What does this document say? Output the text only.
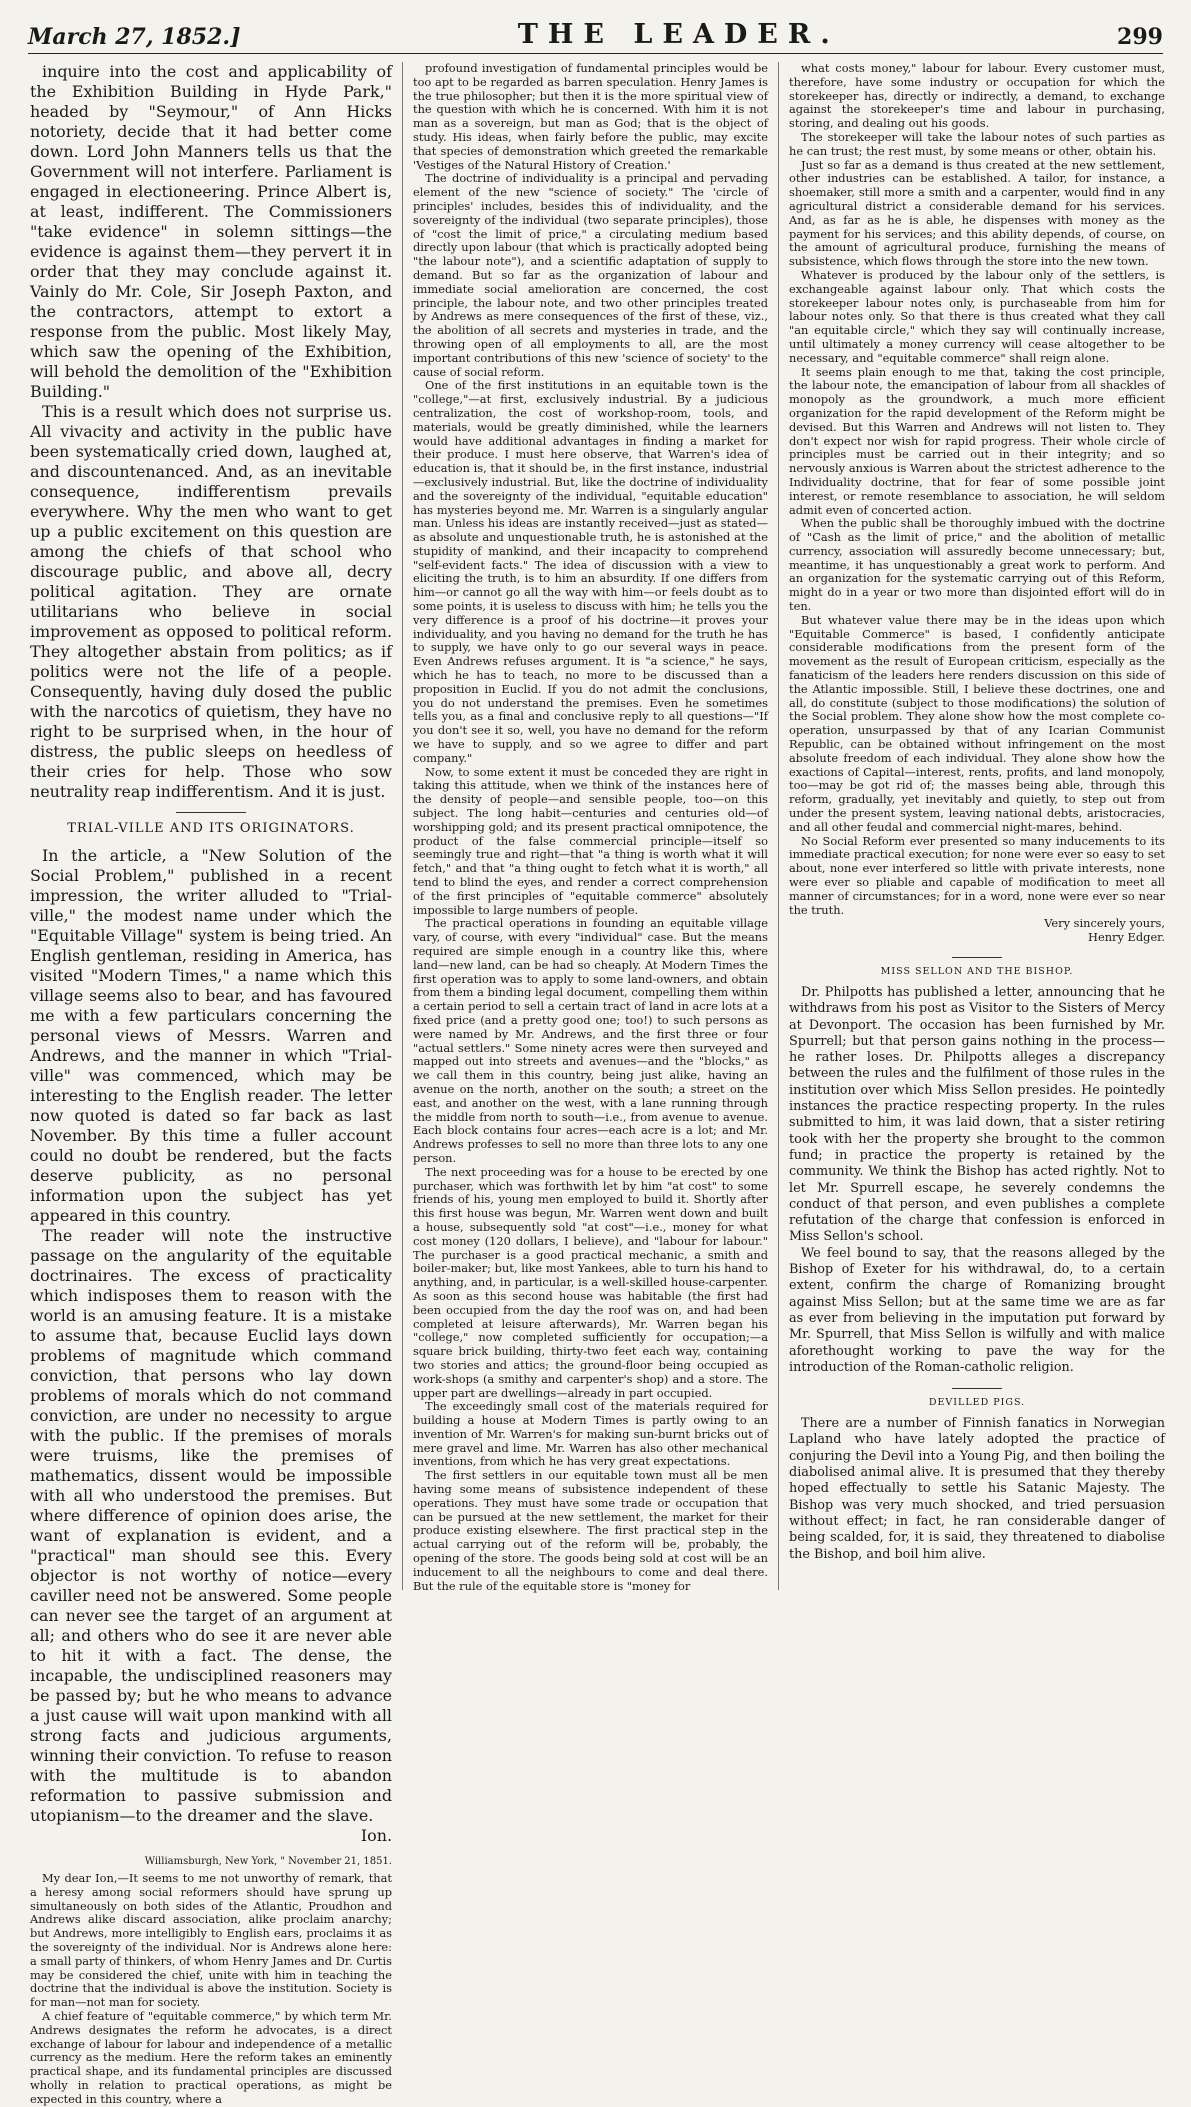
March 27, 1852.]	THE LEADER.	299

inquire into the cost and applicability of the Exhibition Building in Hyde Park," headed by "Seymour," of Ann Hicks notoriety, decide that it had better come down. Lord John Manners tells us that the Government will not interfere. Parliament is engaged in electioneering. Prince Albert is, at least, indifferent. The Commissioners "take evidence" in solemn sittings—the evidence is against them—they pervert it in order that they may conclude against it. Vainly do Mr. Cole, Sir Joseph Paxton, and the contractors, attempt to extort a response from the public. Most likely May, which saw the opening of the Exhibition, will behold the demolition of the "Exhibition Building."

This is a result which does not surprise us. All vivacity and activity in the public have been systematically cried down, laughed at, and discountenanced. And, as an inevitable consequence, indifferentism prevails everywhere. Why the men who want to get up a public excitement on this question are among the chiefs of that school who discourage public, and above all, decry political agitation. They are ornate utilitarians who believe in social improvement as opposed to political reform. They altogether abstain from politics; as if politics were not the life of a people. Consequently, having duly dosed the public with the narcotics of quietism, they have no right to be surprised when, in the hour of distress, the public sleeps on heedless of their cries for help. Those who sow neutrality reap indifferentism. And it is just.

TRIAL-VILLE AND ITS ORIGINATORS.

In the article, a "New Solution of the Social Problem," published in a recent impression, the writer alluded to "Trial-ville," the modest name under which the "Equitable Village" system is being tried. An English gentleman, residing in America, has visited "Modern Times," a name which this village seems also to bear, and has favoured me with a few particulars concerning the personal views of Messrs. Warren and Andrews, and the manner in which "Trial-ville" was commenced, which may be interesting to the English reader. The letter now quoted is dated so far back as last November. By this time a fuller account could no doubt be rendered, but the facts deserve publicity, as no personal information upon the subject has yet appeared in this country.

The reader will note the instructive passage on the angularity of the equitable doctrinaires. The excess of practicality which indisposes them to reason with the world is an amusing feature. It is a mistake to assume that, because Euclid lays down problems of magnitude which command conviction, that persons who lay down problems of morals which do not command conviction, are under no necessity to argue with the public. If the premises of morals were truisms, like the premises of mathematics, dissent would be impossible with all who understood the premises. But where difference of opinion does arise, the want of explanation is evident, and a "practical" man should see this. Every objector is not worthy of notice—every caviller need not be answered. Some people can never see the target of an argument at all; and others who do see it are never able to hit it with a fact. The dense, the incapable, the undisciplined reasoners may be passed by; but he who means to advance a just cause will wait upon mankind with all strong facts and judicious arguments, winning their conviction. To refuse to reason with the multitude is to abandon reformation to passive submission and utopianism—to the dreamer and the slave.

Ion.
Williamsburgh, New York, " November 21, 1851.

My dear Ion,—It seems to me not unworthy of remark, that a heresy among social reformers should have sprung up simultaneously on both sides of the Atlantic, Proudhon and Andrews alike discard association, alike proclaim anarchy; but Andrews, more intelligibly to English ears, proclaims it as the sovereignty of the individual. Nor is Andrews alone here: a small party of thinkers, of whom Henry James and Dr. Curtis may be considered the chief, unite with him in teaching the doctrine that the individual is above the institution. Society is for man—not man for society.

A chief feature of "equitable commerce," by which term Mr. Andrews designates the reform he advocates, is a direct exchange of labour for labour and independence of a metallic currency as the medium. Here the reform takes an eminently practical shape, and its fundamental principles are discussed wholly in relation to practical operations, as might be expected in this country, where a

profound investigation of fundamental principles would be too apt to be regarded as barren speculation. Henry James is the true philosopher; but then it is the more spiritual view of the question with which he is concerned. With him it is not man as a sovereign, but man as God; that is the object of study. His ideas, when fairly before the public, may excite that species of demonstration which greeted the remarkable 'Vestiges of the Natural History of Creation.'

The doctrine of individuality is a principal and pervading element of the new "science of society." The 'circle of principles' includes, besides this of individuality, and the sovereignty of the individual (two separate principles), those of "cost the limit of price," a circulating medium based directly upon labour (that which is practically adopted being "the labour note"), and a scientific adaptation of supply to demand. But so far as the organization of labour and immediate social amelioration are concerned, the cost principle, the labour note, and two other principles treated by Andrews as mere consequences of the first of these, viz., the abolition of all secrets and mysteries in trade, and the throwing open of all employments to all, are the most important contributions of this new 'science of society' to the cause of social reform.

One of the first institutions in an equitable town is the "college,"—at first, exclusively industrial. By a judicious centralization, the cost of workshop-room, tools, and materials, would be greatly diminished, while the learners would have additional advantages in finding a market for their produce. I must here observe, that Warren's idea of education is, that it should be, in the first instance, industrial—exclusively industrial. But, like the doctrine of individuality and the sovereignty of the individual, "equitable education" has mysteries beyond me. Mr. Warren is a singularly angular man. Unless his ideas are instantly received—just as stated—as absolute and unquestionable truth, he is astonished at the stupidity of mankind, and their incapacity to comprehend "self-evident facts." The idea of discussion with a view to eliciting the truth, is to him an absurdity. If one differs from him—or cannot go all the way with him—or feels doubt as to some points, it is useless to discuss with him; he tells you the very difference is a proof of his doctrine—it proves your individuality, and you having no demand for the truth he has to supply, we have only to go our several ways in peace. Even Andrews refuses argument. It is "a science," he says, which he has to teach, no more to be discussed than a proposition in Euclid. If you do not admit the conclusions, you do not understand the premises. Even he sometimes tells you, as a final and conclusive reply to all questions—"If you don't see it so, well, you have no demand for the reform we have to supply, and so we agree to differ and part company."

Now, to some extent it must be conceded they are right in taking this attitude, when we think of the instances here of the density of people—and sensible people, too—on this subject. The long habit—centuries and centuries old—of worshipping gold; and its present practical omnipotence, the product of the false commercial principle—itself so seemingly true and right—that "a thing is worth what it will fetch," and that "a thing ought to fetch what it is worth," all tend to blind the eyes, and render a correct comprehension of the first principles of "equitable commerce" absolutely impossible to large numbers of people.

The practical operations in founding an equitable village vary, of course, with every "individual" case. But the means required are simple enough in a country like this, where land—new land, can be had so cheaply. At Modern Times the first operation was to apply to some land-owners, and obtain from them a binding legal document, compelling them within a certain period to sell a certain tract of land in acre lots at a fixed price (and a pretty good one; too!) to such persons as were named by Mr. Andrews, and the first three or four "actual settlers." Some ninety acres were then surveyed and mapped out into streets and avenues—and the "blocks," as we call them in this country, being just alike, having an avenue on the north, another on the south; a street on the east, and another on the west, with a lane running through the middle from north to south—i.e., from avenue to avenue. Each block contains four acres—each acre is a lot; and Mr. Andrews professes to sell no more than three lots to any one person.

The next proceeding was for a house to be erected by one purchaser, which was forthwith let by him "at cost" to some friends of his, young men employed to build it. Shortly after this first house was begun, Mr. Warren went down and built a house, subsequently sold "at cost"—i.e., money for what cost money (120 dollars, I believe), and "labour for labour." The purchaser is a good practical mechanic, a smith and boiler-maker; but, like most Yankees, able to turn his hand to anything, and, in particular, is a well-skilled house-carpenter. As soon as this second house was habitable (the first had been occupied from the day the roof was on, and had been completed at leisure afterwards), Mr. Warren began his "college," now completed sufficiently for occupation;—a square brick building, thirty-two feet each way, containing two stories and attics; the ground-floor being occupied as work-shops (a smithy and carpenter's shop) and a store. The upper part are dwellings—already in part occupied.

The exceedingly small cost of the materials required for building a house at Modern Times is partly owing to an invention of Mr. Warren's for making sun-burnt bricks out of mere gravel and lime. Mr. Warren has also other mechanical inventions, from which he has very great expectations.

The first settlers in our equitable town must all be men having some means of subsistence independent of these operations. They must have some trade or occupation that can be pursued at the new settlement, the market for their produce existing elsewhere. The first practical step in the actual carrying out of the reform will be, probably, the opening of the store. The goods being sold at cost will be an inducement to all the neighbours to come and deal there. But the rule of the equitable store is "money for

what costs money," labour for labour. Every customer must, therefore, have some industry or occupation for which the storekeeper has, directly or indirectly, a demand, to exchange against the storekeeper's time and labour in purchasing, storing, and dealing out his goods.

The storekeeper will take the labour notes of such parties as he can trust; the rest must, by some means or other, obtain his.

Just so far as a demand is thus created at the new settlement, other industries can be established. A tailor, for instance, a shoemaker, still more a smith and a carpenter, would find in any agricultural district a considerable demand for his services. And, as far as he is able, he dispenses with money as the payment for his services; and this ability depends, of course, on the amount of agricultural produce, furnishing the means of subsistence, which flows through the store into the new town.

Whatever is produced by the labour only of the settlers, is exchangeable against labour only. That which costs the storekeeper labour notes only, is purchaseable from him for labour notes only. So that there is thus created what they call "an equitable circle," which they say will continually increase, until ultimately a money currency will cease altogether to be necessary, and "equitable commerce" shall reign alone.

It seems plain enough to me that, taking the cost principle, the labour note, the emancipation of labour from all shackles of monopoly as the groundwork, a much more efficient organization for the rapid development of the Reform might be devised. But this Warren and Andrews will not listen to. They don't expect nor wish for rapid progress. Their whole circle of principles must be carried out in their integrity; and so nervously anxious is Warren about the strictest adherence to the Individuality doctrine, that for fear of some possible joint interest, or remote resemblance to association, he will seldom admit even of concerted action.

When the public shall be thoroughly imbued with the doctrine of "Cash as the limit of price," and the abolition of metallic currency, association will assuredly become unnecessary; but, meantime, it has unquestionably a great work to perform. And an organization for the systematic carrying out of this Reform, might do in a year or two more than disjointed effort will do in ten.

But whatever value there may be in the ideas upon which "Equitable Commerce" is based, I confidently anticipate considerable modifications from the present form of the movement as the result of European criticism, especially as the fanaticism of the leaders here renders discussion on this side of the Atlantic impossible. Still, I believe these doctrines, one and all, do constitute (subject to those modifications) the solution of the Social problem. They alone show how the most complete co-operation, unsurpassed by that of any Icarian Communist Republic, can be obtained without infringement on the most absolute freedom of each individual. They alone show how the exactions of Capital—interest, rents, profits, and land monopoly, too—may be got rid of; the masses being able, through this reform, gradually, yet inevitably and quietly, to step out from under the present system, leaving national debts, aristocracies, and all other feudal and commercial night-mares, behind.

No Social Reform ever presented so many inducements to its immediate practical execution; for none were ever so easy to set about, none ever interfered so little with private interests, none were ever so pliable and capable of modification to meet all manner of circumstances; for in a word, none were ever so near the truth.

Very sincerely yours,
Henry Edger.
MISS SELLON AND THE BISHOP.

Dr. Philpotts has published a letter, announcing that he withdraws from his post as Visitor to the Sisters of Mercy at Devonport. The occasion has been furnished by Mr. Spurrell; but that person gains nothing in the process—he rather loses. Dr. Philpotts alleges a discrepancy between the rules and the fulfilment of those rules in the institution over which Miss Sellon presides. He pointedly instances the practice respecting property. In the rules submitted to him, it was laid down, that a sister retiring took with her the property she brought to the common fund; in practice the property is retained by the community. We think the Bishop has acted rightly. Not to let Mr. Spurrell escape, he severely condemns the conduct of that person, and even publishes a complete refutation of the charge that confession is enforced in Miss Sellon's school.

We feel bound to say, that the reasons alleged by the Bishop of Exeter for his withdrawal, do, to a certain extent, confirm the charge of Romanizing brought against Miss Sellon; but at the same time we are as far as ever from believing in the imputation put forward by Mr. Spurrell, that Miss Sellon is wilfully and with malice aforethought working to pave the way for the introduction of the Roman-catholic religion.

DEVILLED PIGS.

There are a number of Finnish fanatics in Norwegian Lapland who have lately adopted the practice of conjuring the Devil into a Young Pig, and then boiling the diabolised animal alive. It is presumed that they thereby hoped effectually to settle his Satanic Majesty. The Bishop was very much shocked, and tried persuasion without effect; in fact, he ran considerable danger of being scalded, for, it is said, they threatened to diabolise the Bishop, and boil him alive.
